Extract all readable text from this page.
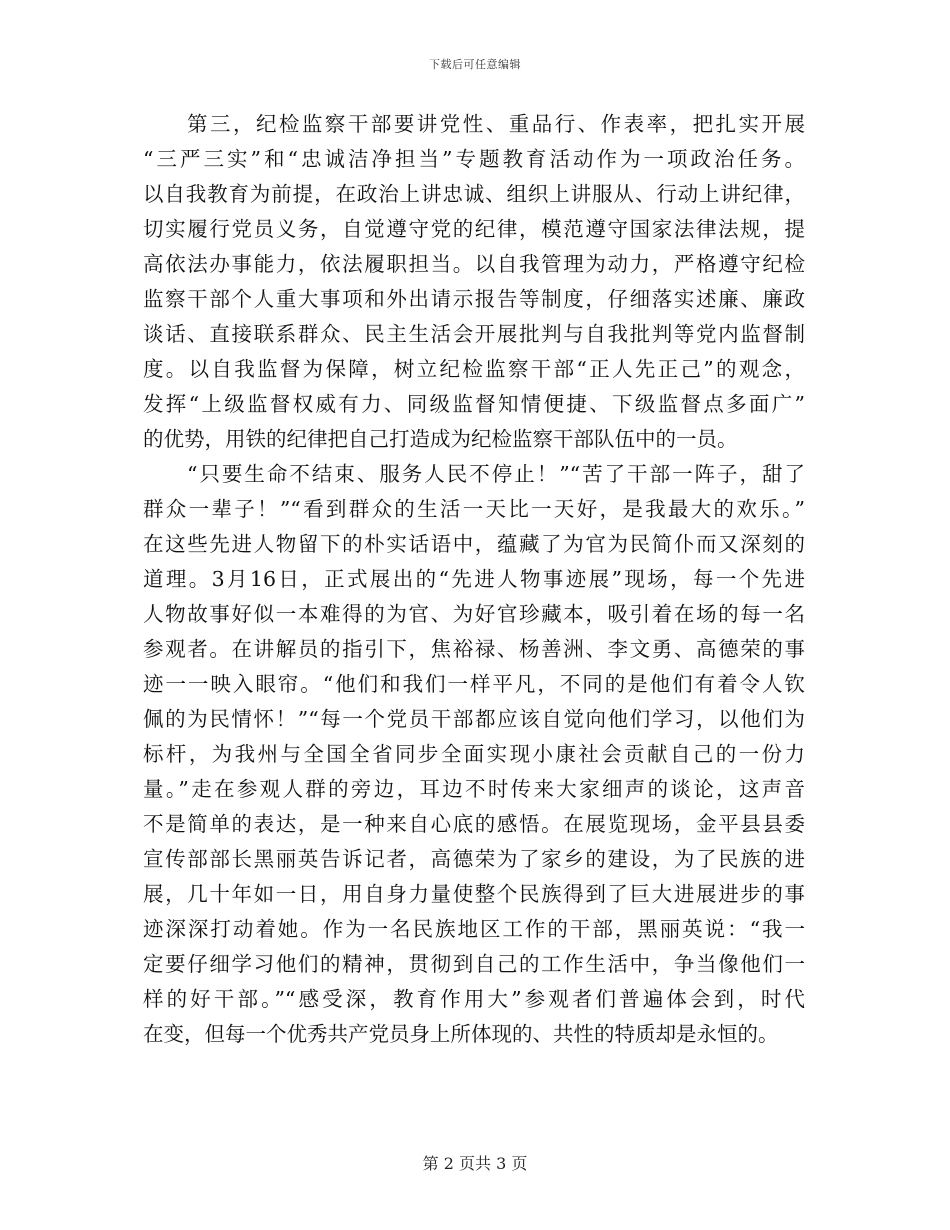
下载后可任意编辑
第三，纪检监察干部要讲党性、重品行、作表率，把扎实开展
“三严三实”和“忠诚洁净担当”专题教育活动作为一项政治任务。
以自我教育为前提，在政治上讲忠诚、组织上讲服从、行动上讲纪律，
切实履行党员义务，自觉遵守党的纪律，模范遵守国家法律法规，提
高依法办事能力，依法履职担当。以自我管理为动力，严格遵守纪检
监察干部个人重大事项和外出请示报告等制度，仔细落实述廉、廉政
谈话、直接联系群众、民主生活会开展批判与自我批判等党内监督制
度。以自我监督为保障，树立纪检监察干部“正人先正己”的观念，
发挥“上级监督权威有力、同级监督知情便捷、下级监督点多面广”
的优势，用铁的纪律把自己打造成为纪检监察干部队伍中的一员。
“只要生命不结束、服务人民不停止！”“苦了干部一阵子，甜了
群众一辈子！”“看到群众的生活一天比一天好，是我最大的欢乐。”
在这些先进人物留下的朴实话语中，蕴藏了为官为民简仆而又深刻的
道理。3月16日，正式展出的“先进人物事迹展”现场，每一个先进
人物故事好似一本难得的为官、为好官珍藏本，吸引着在场的每一名
参观者。在讲解员的指引下，焦裕禄、杨善洲、李文勇、高德荣的事
迹一一映入眼帘。“他们和我们一样平凡，不同的是他们有着令人钦
佩的为民情怀！”“每一个党员干部都应该自觉向他们学习，以他们为
标杆，为我州与全国全省同步全面实现小康社会贡献自己的一份力
量。”走在参观人群的旁边，耳边不时传来大家细声的谈论，这声音
不是简单的表达，是一种来自心底的感悟。在展览现场，金平县县委
宣传部部长黑丽英告诉记者，高德荣为了家乡的建设，为了民族的进
展，几十年如一日，用自身力量使整个民族得到了巨大进展进步的事
迹深深打动着她。作为一名民族地区工作的干部，黑丽英说：“我一
定要仔细学习他们的精神，贯彻到自己的工作生活中，争当像他们一
样的好干部。”“感受深，教育作用大”参观者们普遍体会到，时代
在变，但每一个优秀共产党员身上所体现的、共性的特质却是永恒的。
第 2 页共 3 页
